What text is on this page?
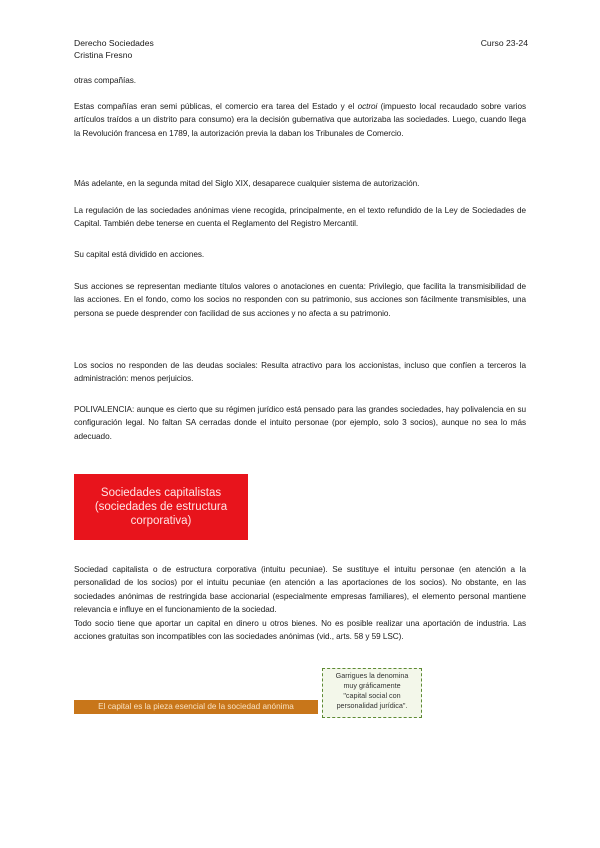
Derecho Sociedades
Cristina Fresno
Curso 23-24

otras compañías.

Estas compañías eran semi públicas, el comercio era tarea del Estado y el octroi (impuesto local recaudado sobre varios artículos traídos a un distrito para consumo) era la decisión gubernativa que autorizaba las sociedades. Luego, cuando llega la Revolución francesa en 1789, la autorización previa la daban los Tribunales de Comercio.

Más adelante, en la segunda mitad del Siglo XIX, desaparece cualquier sistema de autorización.

La regulación de las sociedades anónimas viene recogida, principalmente, en el texto refundido de la Ley de Sociedades de Capital. También debe tenerse en cuenta el Reglamento del Registro Mercantil.

Su capital está dividido en acciones.

Sus acciones se representan mediante títulos valores o anotaciones en cuenta: Privilegio, que facilita la transmisibilidad de las acciones. En el fondo, como los socios no responden con su patrimonio, sus acciones son fácilmente transmisibles, una persona se puede desprender con facilidad de sus acciones y no afecta a su patrimonio.

Los socios no responden de las deudas sociales: Resulta atractivo para los accionistas, incluso que confíen a terceros la administración: menos perjuicios.

POLIVALENCIA: aunque es cierto que su régimen jurídico está pensado para las grandes sociedades, hay polivalencia en su configuración legal. No faltan SA cerradas donde el intuito personae (por ejemplo, solo 3 socios), aunque no sea lo más adecuado.

Sociedades capitalistas
(sociedades de estructura
corporativa)

Sociedad capitalista o de estructura corporativa (intuitu pecuniae). Se sustituye el intuitu personae (en atención a la personalidad de los socios) por el intuitu pecuniae (en atención a las aportaciones de los socios). No obstante, en las sociedades anónimas de restringida base accionarial (especialmente empresas familiares), el elemento personal mantiene relevancia e influye en el funcionamiento de la sociedad.

Todo socio tiene que aportar un capital en dinero u otros bienes. No es posible realizar una aportación de industria. Las acciones gratuitas son incompatibles con las sociedades anónimas (vid., arts. 58 y 59 LSC).

El capital es la pieza esencial de la sociedad anónima
Garrigues la denomina
muy gráficamente
"capital social con
personalidad jurídica".
